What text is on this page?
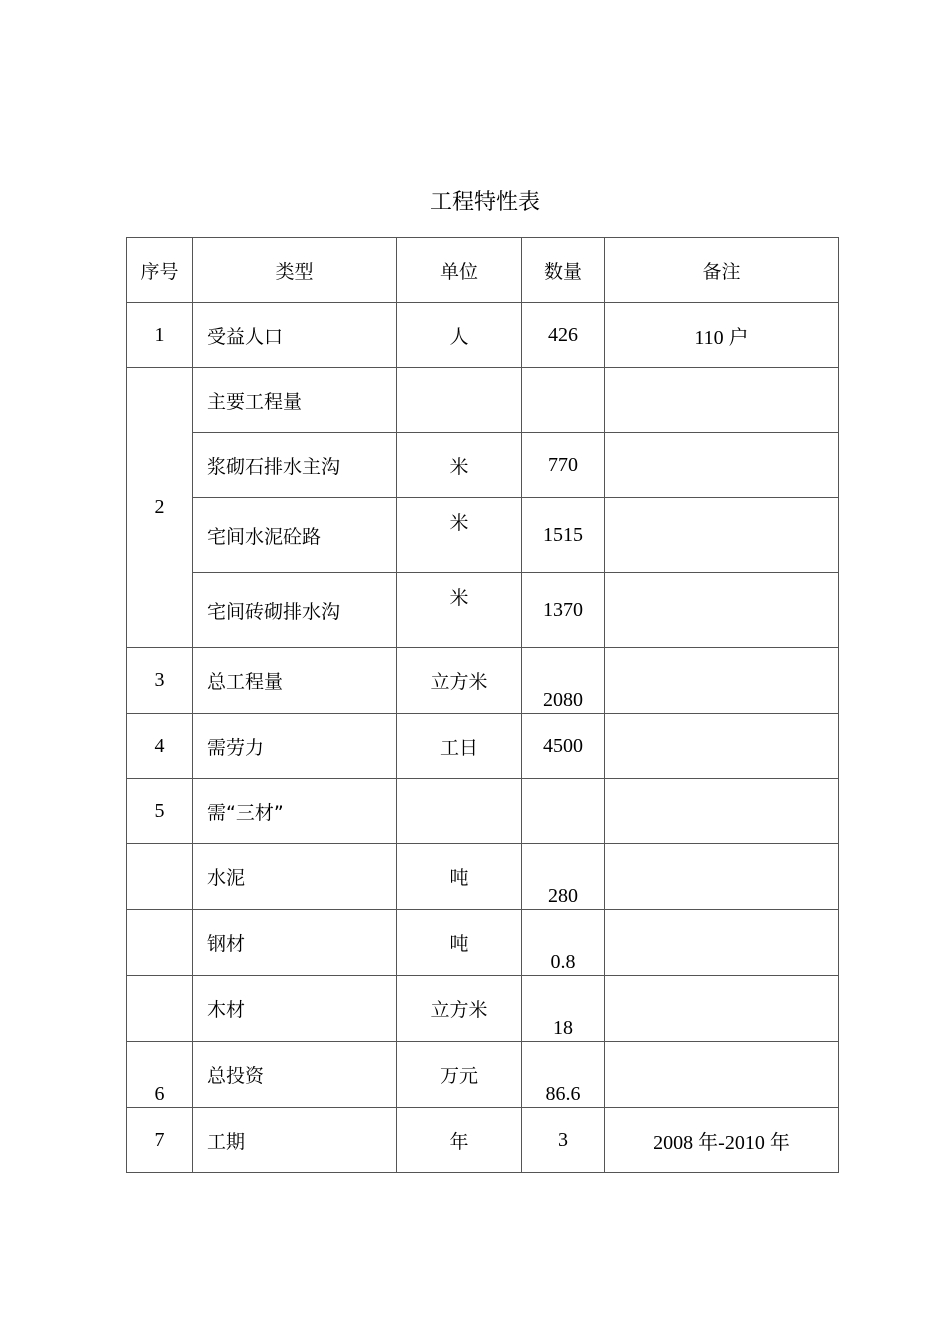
工程特性表
序号	类型	单位	数量	备注
1	受益人口	人	426	110 户
2	主要工程量			
	浆砌石排水主沟	米	770	
	宅间水泥砼路	米	1515	
	宅间砖砌排水沟	米	1370	
3	总工程量	立方米	2080	
4	需劳力	工日	4500	
5	需“三材”			
	水泥	吨	280	
	钢材	吨	0.8	
	木材	立方米	18	
6	总投资	万元	86.6	
7	工期	年	3	2008 年-2010 年
